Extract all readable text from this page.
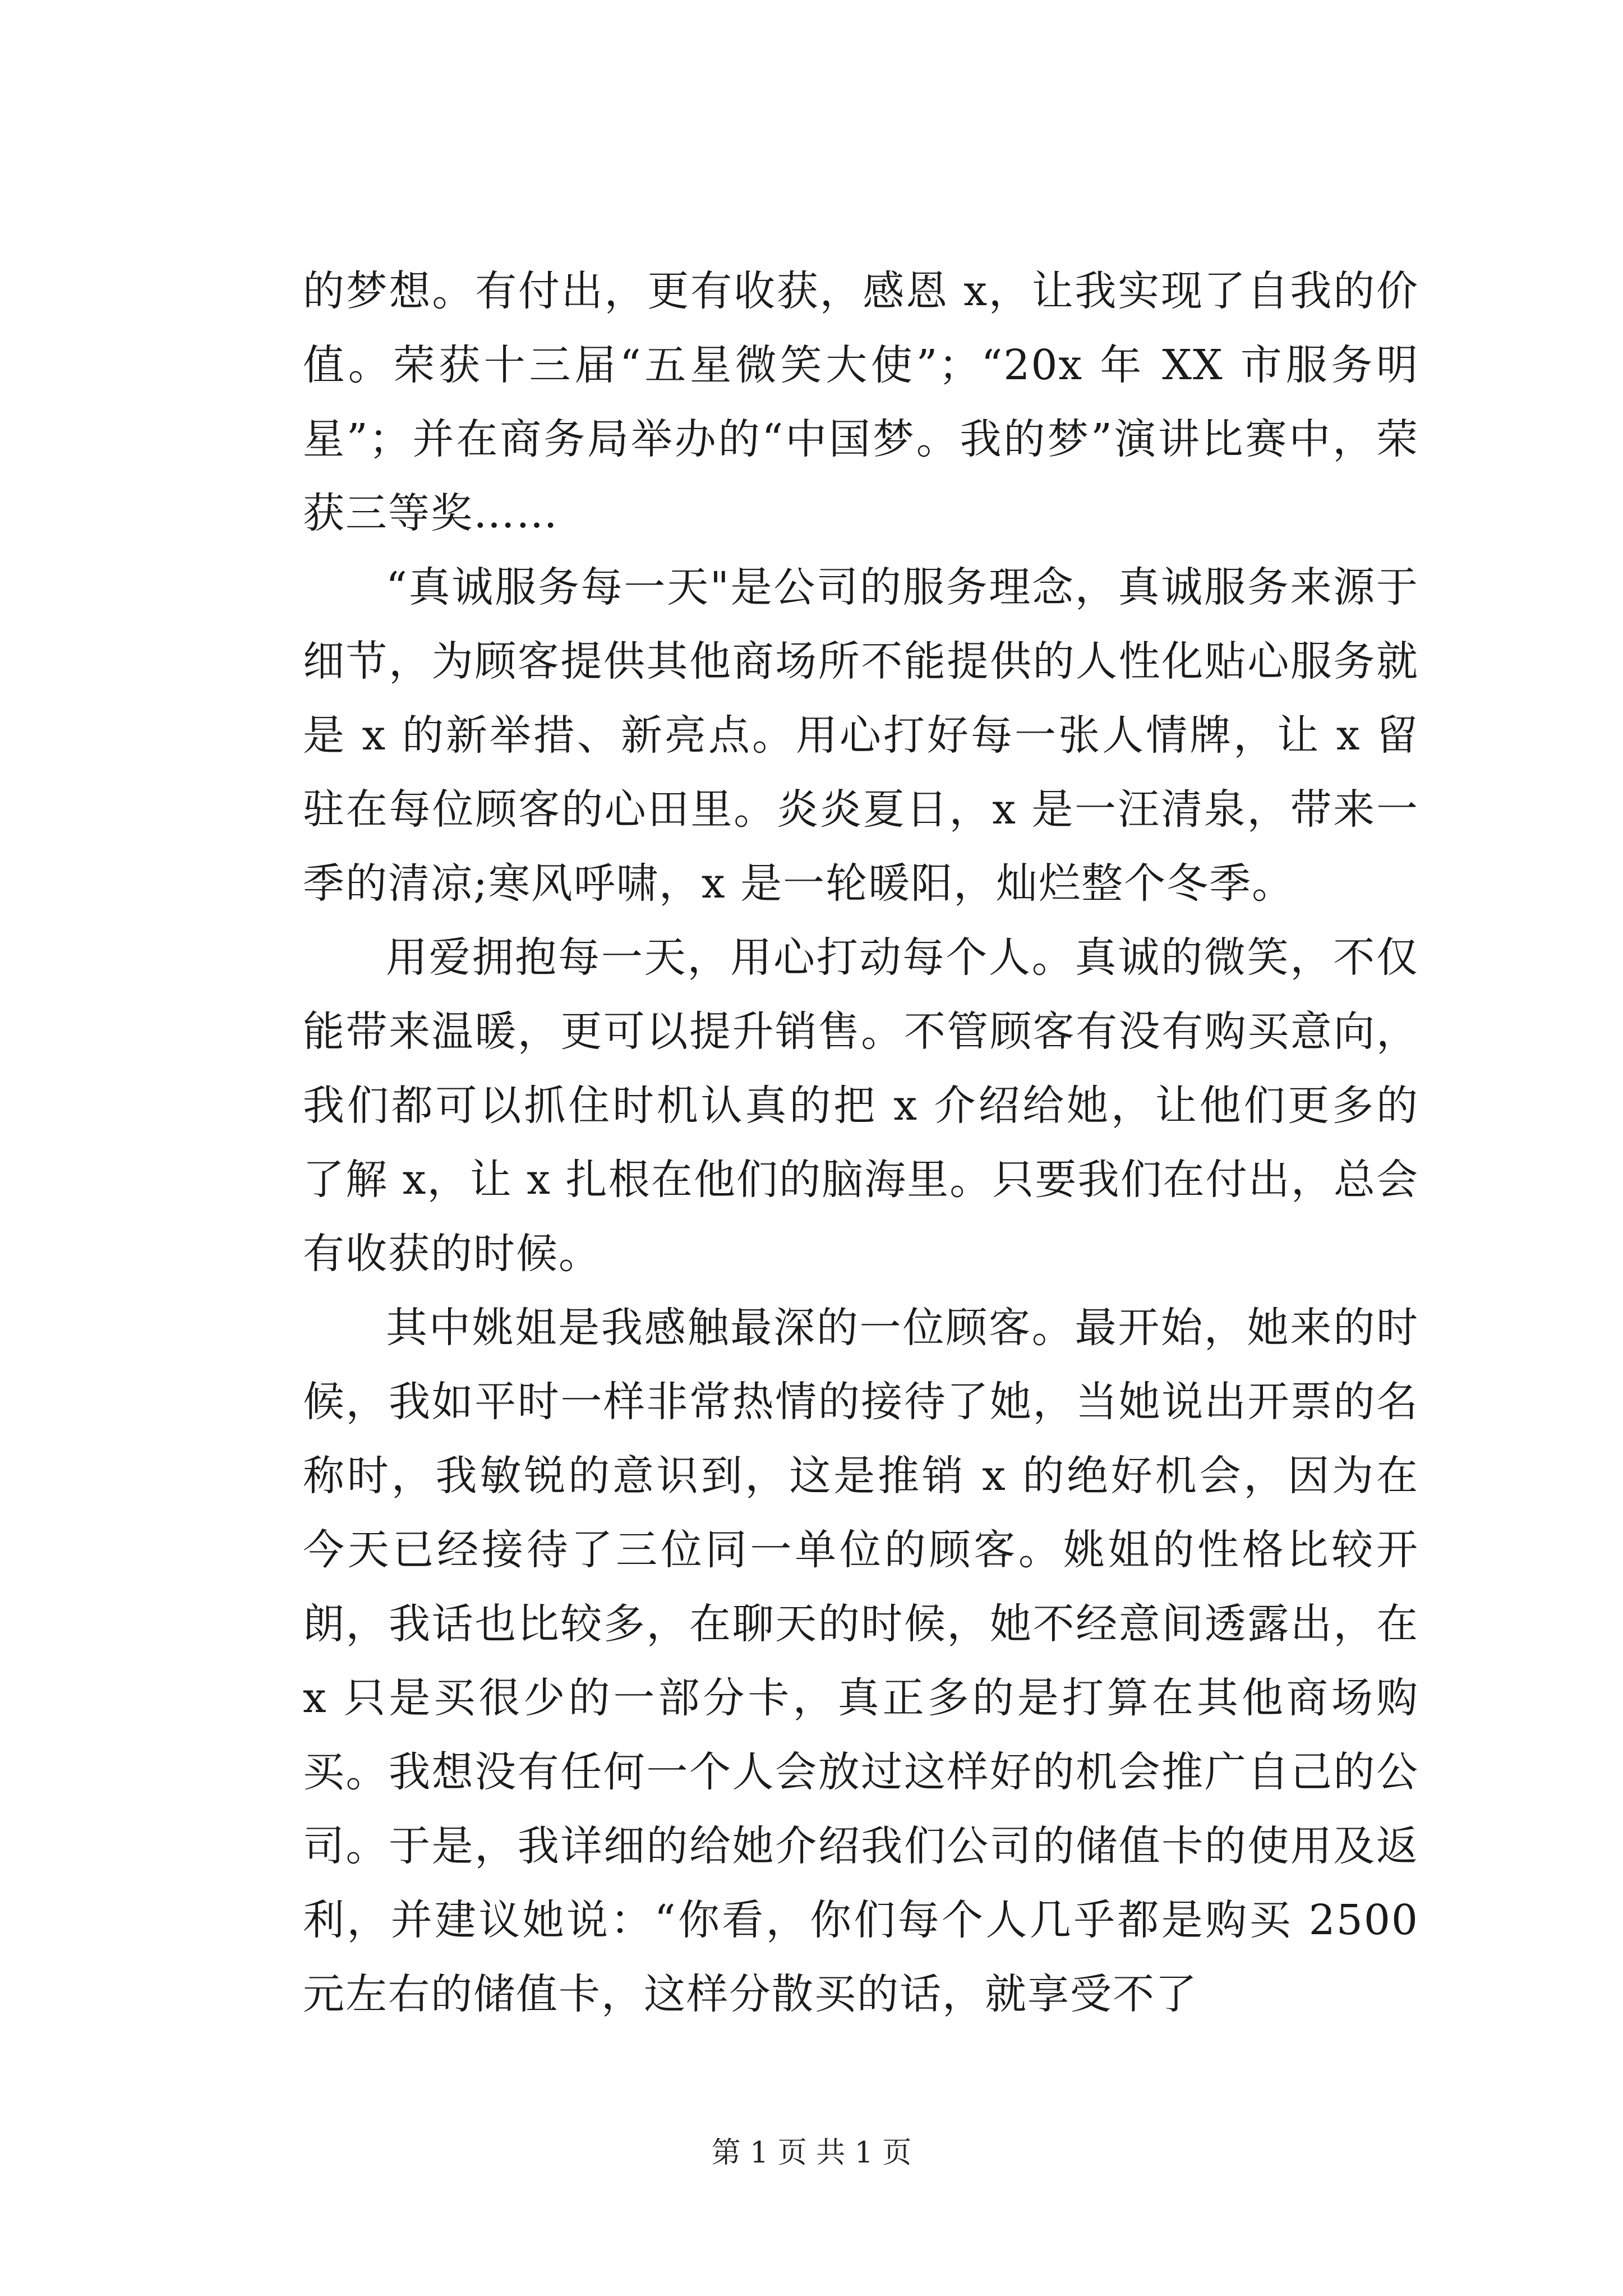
的梦想。有付出，更有收获，感恩 x，让我实现了自我的价值。荣获十三届“五星微笑大使”；“20x 年 XX 市服务明星”；并在商务局举办的“中国梦。我的梦”演讲比赛中，荣获三等奖……

“真诚服务每一天"是公司的服务理念，真诚服务来源于细节，为顾客提供其他商场所不能提供的人性化贴心服务就是 x 的新举措、新亮点。用心打好每一张人情牌，让 x 留驻在每位顾客的心田里。炎炎夏日，x 是一汪清泉，带来一季的清凉;寒风呼啸，x 是一轮暖阳，灿烂整个冬季。

用爱拥抱每一天，用心打动每个人。真诚的微笑，不仅能带来温暖，更可以提升销售。不管顾客有没有购买意向，我们都可以抓住时机认真的把 x 介绍给她，让他们更多的了解 x，让 x 扎根在他们的脑海里。只要我们在付出，总会有收获的时候。

其中姚姐是我感触最深的一位顾客。最开始，她来的时候，我如平时一样非常热情的接待了她，当她说出开票的名称时，我敏锐的意识到，这是推销 x 的绝好机会，因为在今天已经接待了三位同一单位的顾客。姚姐的性格比较开朗，我话也比较多，在聊天的时候，她不经意间透露出，在 x 只是买很少的一部分卡，真正多的是打算在其他商场购买。我想没有任何一个人会放过这样好的机会推广自己的公司。于是，我详细的给她介绍我们公司的储值卡的使用及返利，并建议她说：“你看，你们每个人几乎都是购买 2500 元左右的储值卡，这样分散买的话，就享受不了

第 1 页 共 1 页
